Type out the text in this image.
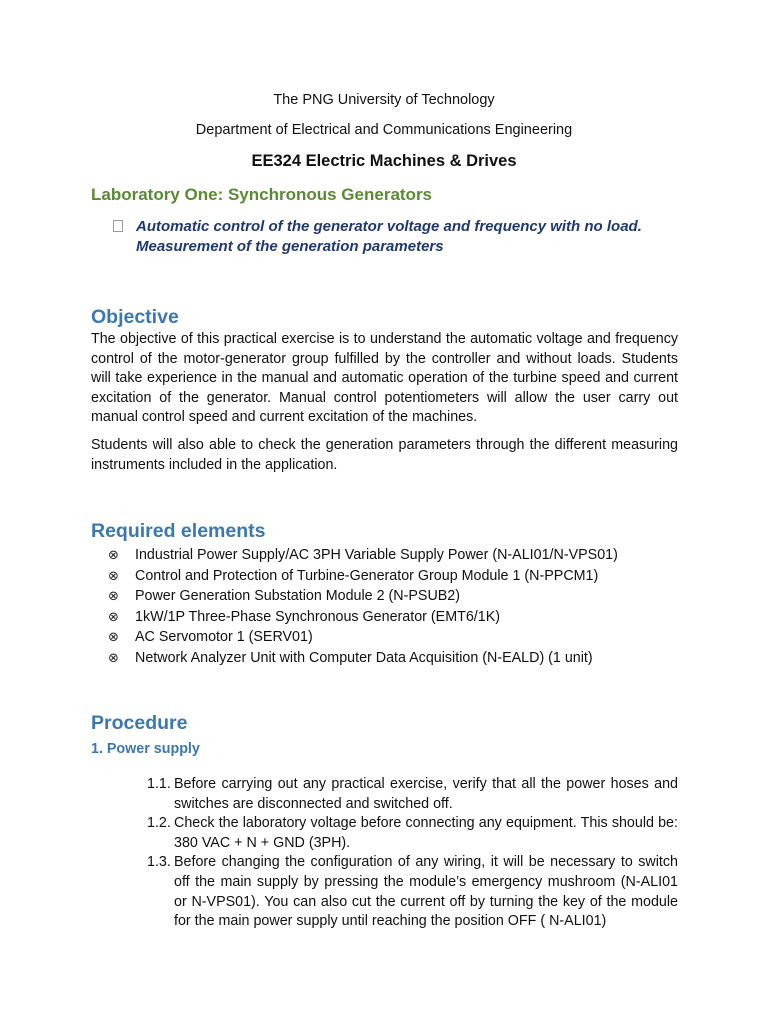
The PNG University of Technology
Department of Electrical and Communications Engineering
EE324 Electric Machines & Drives
Laboratory One: Synchronous Generators
Automatic control of the generator voltage and frequency with no load.
Measurement of the generation parameters
Objective
The objective of this practical exercise is to understand the automatic voltage and frequency control of the motor-generator group fulfilled by the controller and without loads. Students will take experience in the manual and automatic operation of the turbine speed and current excitation of the generator. Manual control potentiometers will allow the user carry out manual control speed and current excitation of the machines.
Students will also able to check the generation parameters through the different measuring instruments included in the application.
Required elements
⊗ Industrial Power Supply/AC 3PH Variable Supply Power (N-ALI01/N-VPS01)
⊗ Control and Protection of Turbine-Generator Group Module 1 (N-PPCM1)
⊗ Power Generation Substation Module 2 (N-PSUB2)
⊗ 1kW/1P Three-Phase Synchronous Generator (EMT6/1K)
⊗ AC Servomotor 1 (SERV01)
⊗ Network Analyzer Unit with Computer Data Acquisition (N-EALD) (1 unit)
Procedure
1. Power supply
1.1. Before carrying out any practical exercise, verify that all the power hoses and switches are disconnected and switched off.
1.2. Check the laboratory voltage before connecting any equipment. This should be: 380 VAC + N + GND (3PH).
1.3. Before changing the configuration of any wiring, it will be necessary to switch off the main supply by pressing the module’s emergency mushroom (N-ALI01 or N-VPS01). You can also cut the current off by turning the key of the module for the main power supply until reaching the position OFF ( N-ALI01)
